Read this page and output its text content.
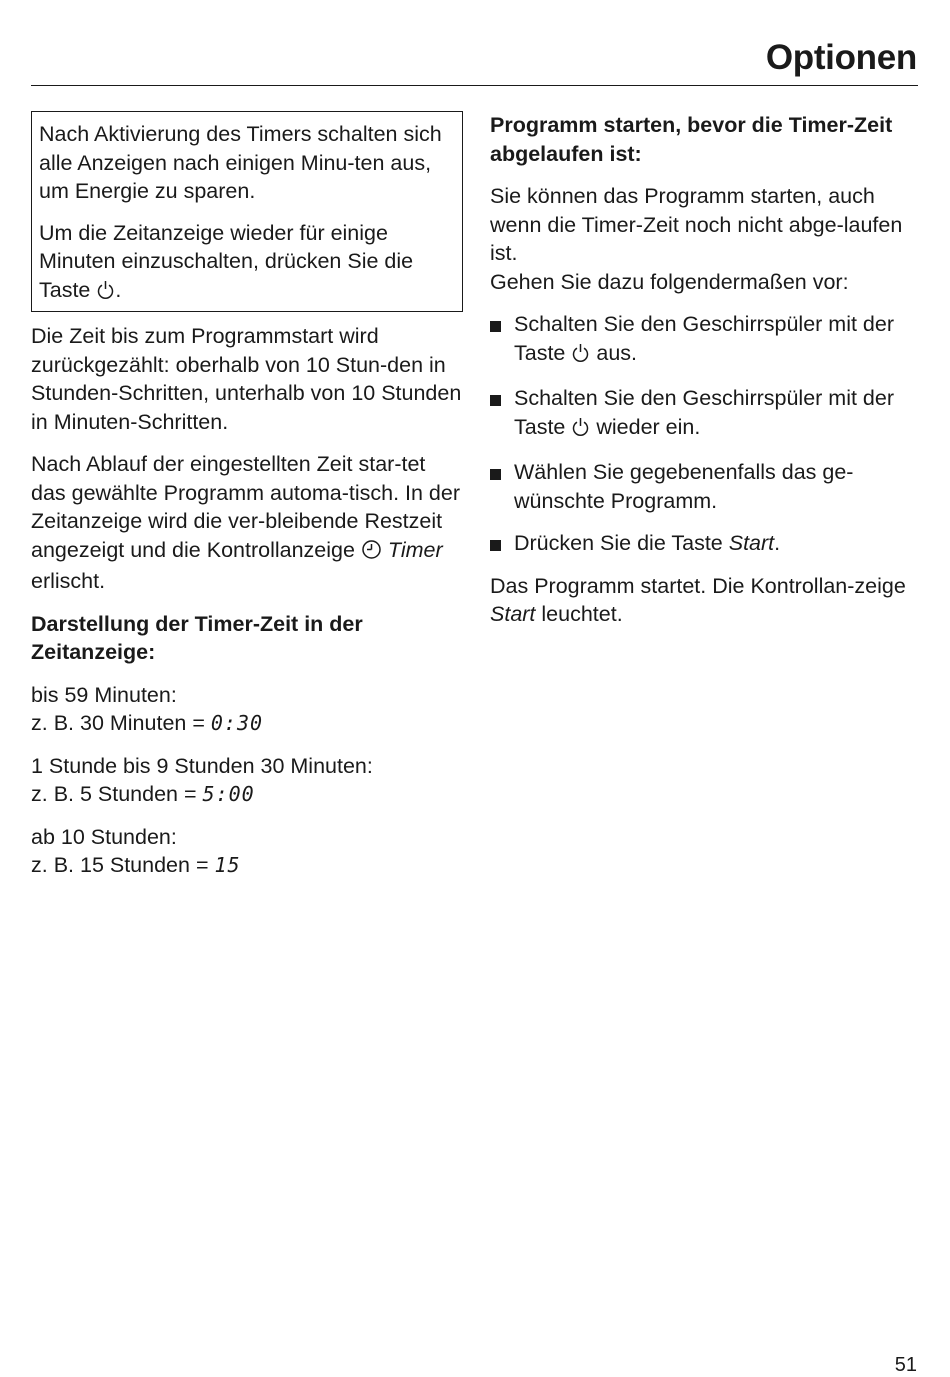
Optionen

Nach Aktivierung des Timers schalten sich alle Anzeigen nach einigen Minu-ten aus, um Energie zu sparen.

Um die Zeitanzeige wieder für einige Minuten einzuschalten, drücken Sie die Taste .

Die Zeit bis zum Programmstart wird zurückgezählt: oberhalb von 10 Stun-den in Stunden-Schritten, unterhalb von 10 Stunden in Minuten-Schritten.

Nach Ablauf der eingestellten Zeit star-tet das gewählte Programm automa-tisch. In der Zeitanzeige wird die ver-bleibende Restzeit angezeigt und die Kontrollanzeige Timer erlischt.

Darstellung der Timer-Zeit in der Zeitanzeige:

bis 59 Minuten:
z. B. 30 Minuten = 0:30

1 Stunde bis 9 Stunden 30 Minuten:
z. B. 5 Stunden = 5:00

ab 10 Stunden:
z. B. 15 Stunden = 15

Programm starten, bevor die Timer-Zeit abgelaufen ist:

Sie können das Programm starten, auch wenn die Timer-Zeit noch nicht abge-laufen ist.
Gehen Sie dazu folgendermaßen vor:

Schalten Sie den Geschirrspüler mit der Taste aus.
Schalten Sie den Geschirrspüler mit der Taste wieder ein.
Wählen Sie gegebenenfalls das ge-wünschte Programm.
Drücken Sie die Taste Start.

Das Programm startet. Die Kontrollan-zeige Start leuchtet.

51
